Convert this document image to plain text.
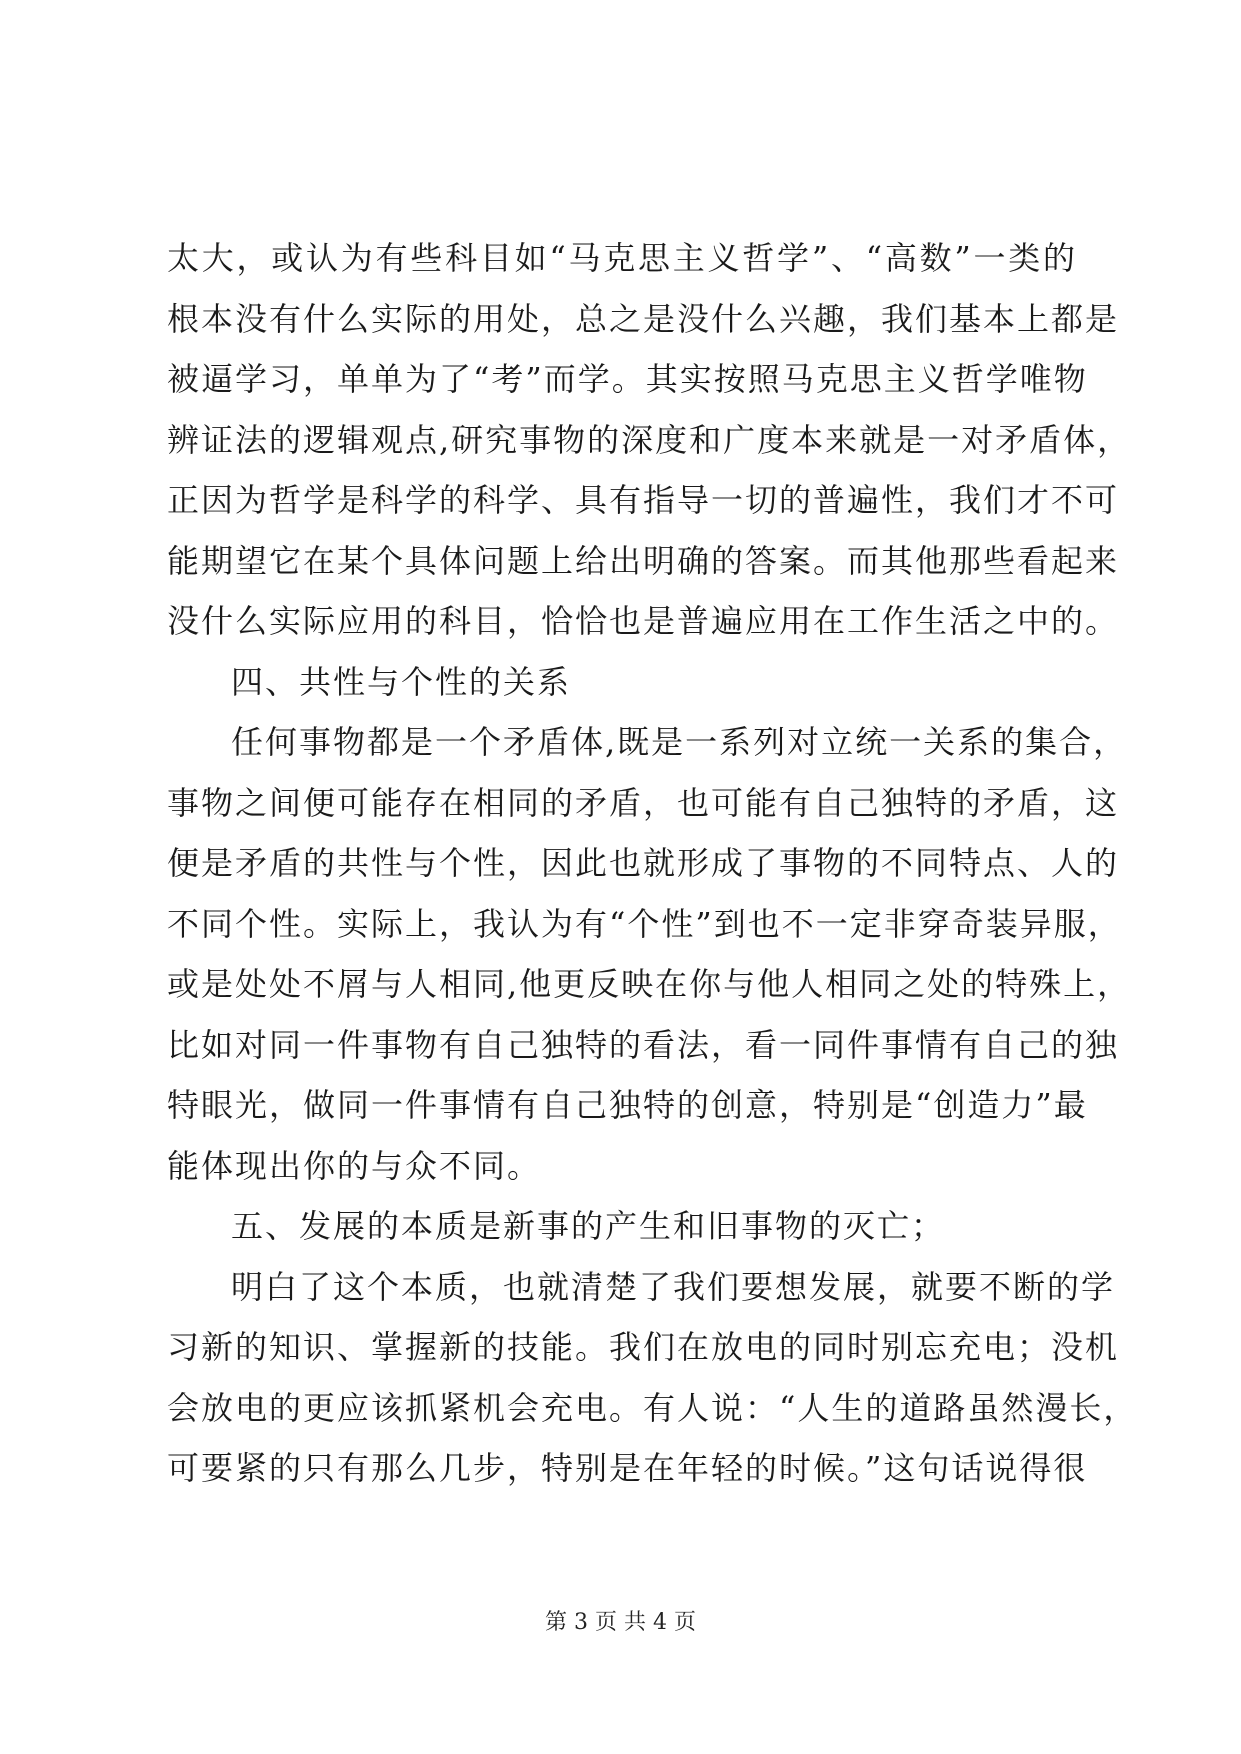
太大，或认为有些科目如“马克思主义哲学”、“高数”一类的
根本没有什么实际的用处，总之是没什么兴趣，我们基本上都是
被逼学习，单单为了“考”而学。其实按照马克思主义哲学唯物
辨证法的逻辑观点,研究事物的深度和广度本来就是一对矛盾体，
正因为哲学是科学的科学、具有指导一切的普遍性，我们才不可
能期望它在某个具体问题上给出明确的答案。而其他那些看起来
没什么实际应用的科目，恰恰也是普遍应用在工作生活之中的。
四、共性与个性的关系
任何事物都是一个矛盾体,既是一系列对立统一关系的集合，
事物之间便可能存在相同的矛盾，也可能有自己独特的矛盾，这
便是矛盾的共性与个性，因此也就形成了事物的不同特点、人的
不同个性。实际上，我认为有“个性”到也不一定非穿奇装异服，
或是处处不屑与人相同,他更反映在你与他人相同之处的特殊上，
比如对同一件事物有自己独特的看法，看一同件事情有自己的独
特眼光，做同一件事情有自己独特的创意，特别是“创造力”最
能体现出你的与众不同。
五、发展的本质是新事的产生和旧事物的灭亡；
明白了这个本质，也就清楚了我们要想发展，就要不断的学
习新的知识、掌握新的技能。我们在放电的同时别忘充电；没机
会放电的更应该抓紧机会充电。有人说：“人生的道路虽然漫长，
可要紧的只有那么几步，特别是在年轻的时候。”这句话说得很
第 3 页 共 4 页
